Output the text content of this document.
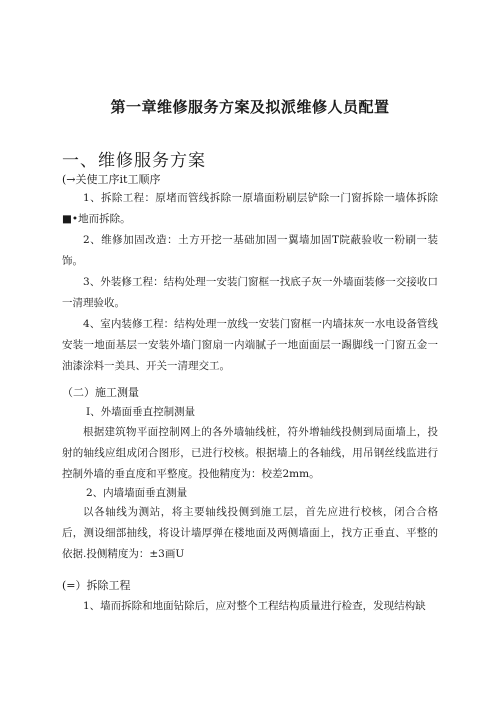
第一章维修服务方案及拟派维修人员配置
一、维修服务方案
(→关使工序it工顺序

1、拆除工程：原堵而管线拆除一原墙面粉刷层铲除一门窗拆除一墙体拆除■•地而拆除。

2、维修加固改造：土方开挖一基础加固一翼墙加固T院蔽验收一粉刷一装饰。

3、外装修工程：结构处理一安装门窗框一找底子灰一外墙面装修一交接收口一清理验收。

4、室内装修工程：结构处理一放线一安装门窗框一内墙抹灰一水电设备管线安装一地面基层一安装外墙门窗扇一内端腻子一地面面层一踢脚线一门窗五金一油漆涂料一美具、开关一清理交工。

（二）施工测量
I、外墙面垂直控制测量

根据建筑物平面控制网上的各外墙轴线桩，符外增轴线投侧到局面墙上，投射的轴线应组成闭合图形，已进行校核。根据墙上的各轴线，用吊钢丝线监进行控制外墙的垂直度和平整度。投他精度为：校差2mm。

2、内墙墙面垂直测量

以各轴线为测站，将主要轴线投侧到施工层，首先应进行校核，闭合合格后，测设细部抽线，将设计墙厚弹在楼地面及两侧墙面上，找方正垂直、平整的依据.投侧精度为：±3画U

(=）拆除工程

1、墙而拆除和地面钻除后，应对整个工程结构质量进行检查，发现结构缺
